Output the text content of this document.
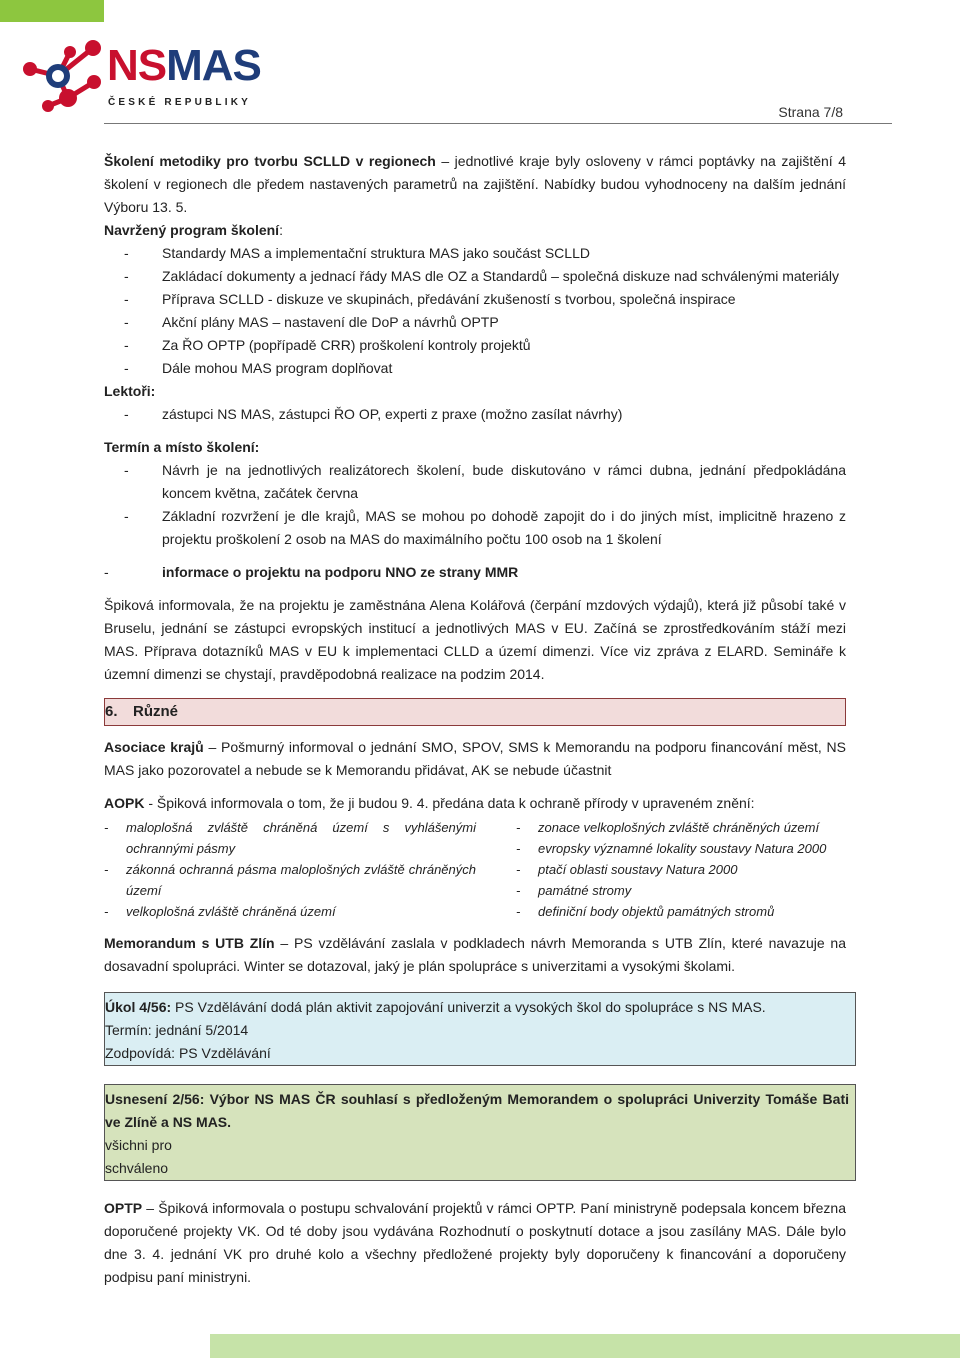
NSMAS
ČESKÉ REPUBLIKY
Strana 7/8

Školení metodiky pro tvorbu SCLLD v regionech – jednotlivé kraje byly osloveny v rámci poptávky na zajištění 4 školení v regionech dle předem nastavených parametrů na zajištění. Nabídky budou vyhodnoceny na dalším jednání Výboru 13. 5.

Navržený program školení:

-	Standardy MAS a implementační struktura MAS jako součást SCLLD
-	Zakládací dokumenty a jednací řády MAS dle OZ a Standardů – společná diskuze nad schválenými materiály
-	Příprava SCLLD - diskuze ve skupinách, předávání zkušeností s tvorbou, společná inspirace
-	Akční plány MAS – nastavení dle DoP a návrhů OPTP
-	Za ŘO OPTP (popřípadě CRR) proškolení kontroly projektů
-	Dále mohou MAS program doplňovat

Lektoři:

-	zástupci NS MAS, zástupci ŘO OP, experti z praxe (možno zasílat návrhy)

Termín a místo školení:

-	Návrh je na jednotlivých realizátorech školení, bude diskutováno v rámci dubna, jednání předpokládána koncem května, začátek června
-	Základní rozvržení je dle krajů, MAS se mohou po dohodě zapojit do i do jiných míst, implicitně hrazeno z projektu proškolení 2 osob na MAS do maximálního počtu 100 osob na 1 školení
-	informace o projektu na podporu NNO ze strany MMR

Špiková informovala, že na projektu je zaměstnána Alena Kolářová (čerpání mzdových výdajů), která již působí také v Bruselu, jednání se zástupci evropských institucí a jednotlivých MAS v EU. Začíná se zprostředkováním stáží mezi MAS. Příprava dotazníků MAS v EU k implementaci CLLD a území dimenzi. Více viz zpráva z ELARD. Semináře k územní dimenzi se chystají, pravděpodobná realizace na podzim 2014.

6. Různé

Asociace krajů – Pošmurný informoval o jednání SMO, SPOV, SMS k Memorandu na podporu financování měst, NS MAS jako pozorovatel a nebude se k Memorandu přidávat, AK se nebude účastnit

AOPK - Špiková informovala o tom, že ji budou 9. 4. předána data k ochraně přírody v upraveném znění:

-	maloplošná zvláště chráněná území s vyhlášenými ochrannými pásmy
-	zákonná ochranná pásma maloplošných zvláště chráněných území
-	velkoplošná zvláště chráněná území
-	zonace velkoplošných zvláště chráněných území
-	evropsky významné lokality soustavy Natura 2000
-	ptačí oblasti soustavy Natura 2000
-	památné stromy
-	definiční body objektů památných stromů

Memorandum s UTB Zlín – PS vzdělávání zaslala v podkladech návrh Memoranda s UTB Zlín, které navazuje na dosavadní spolupráci. Winter se dotazoval, jaký je plán spolupráce s univerzitami a vysokými školami.

Úkol 4/56: PS Vzdělávání dodá plán aktivit zapojování univerzit a vysokých škol do spolupráce s NS MAS.

Termín: jednání 5/2014

Zodpovídá: PS Vzdělávání

Usnesení 2/56: Výbor NS MAS ČR souhlasí s předloženým Memorandem o spolupráci Univerzity Tomáše Bati ve Zlíně a NS MAS.

všichni pro

schváleno

OPTP – Špiková informovala o postupu schvalování projektů v rámci OPTP. Paní ministryně podepsala koncem března doporučené projekty VK. Od té doby jsou vydávána Rozhodnutí o poskytnutí dotace a jsou zasílány MAS. Dále bylo dne 3. 4. jednání VK pro druhé kolo a všechny předložené projekty byly doporučeny k financování a doporučeny podpisu paní ministryni.
